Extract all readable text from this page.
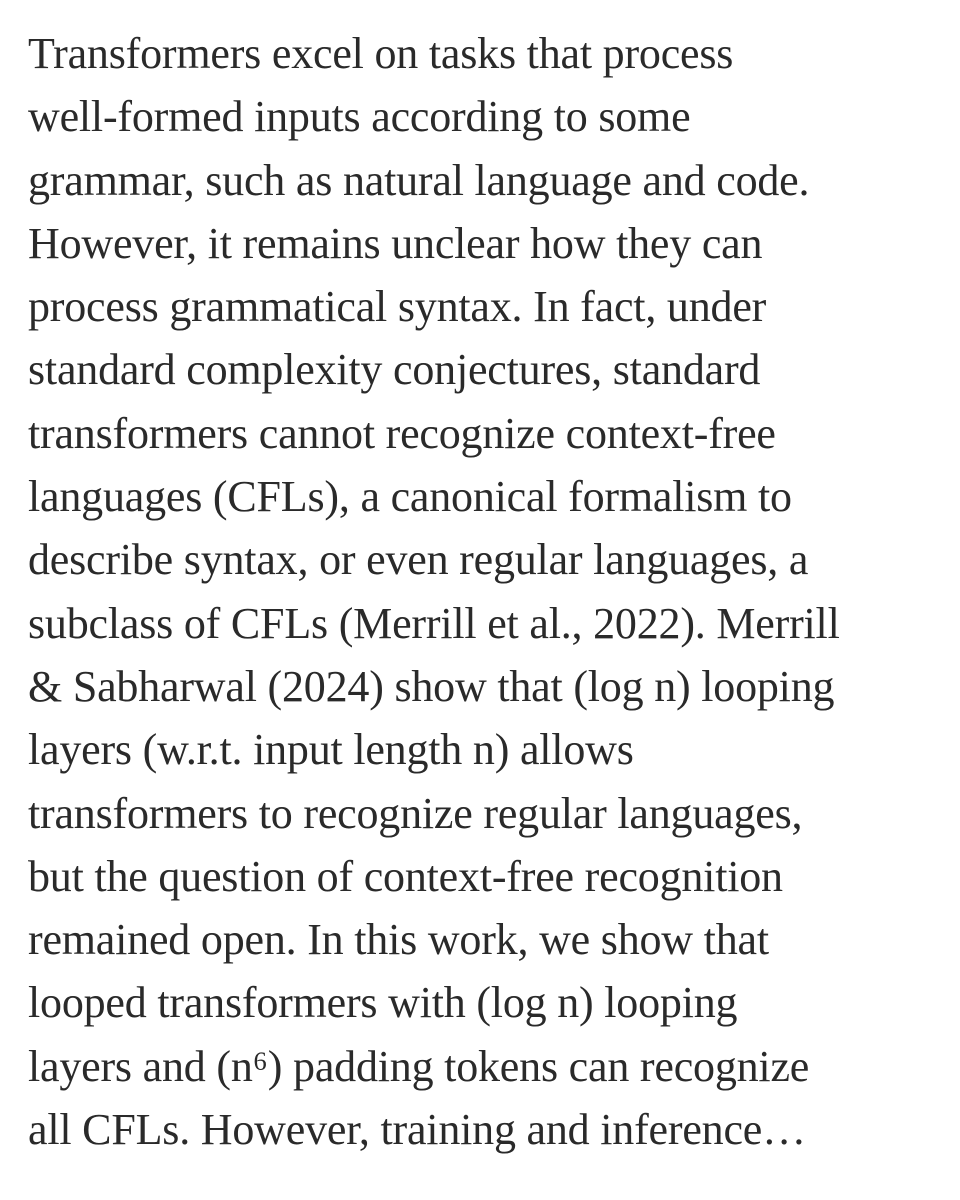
Transformers excel on tasks that process
well-formed inputs according to some
grammar, such as natural language and code.
However, it remains unclear how they can
process grammatical syntax. In fact, under
standard complexity conjectures, standard
transformers cannot recognize context-free
languages (CFLs), a canonical formalism to
describe syntax, or even regular languages, a
subclass of CFLs (Merrill et al., 2022). Merrill
& Sabharwal (2024) show that (log n) looping
layers (w.r.t. input length n) allows
transformers to recognize regular languages,
but the question of context-free recognition
remained open. In this work, we show that
looped transformers with (log n) looping
layers and (n⁶) padding tokens can recognize
all CFLs. However, training and inference…
